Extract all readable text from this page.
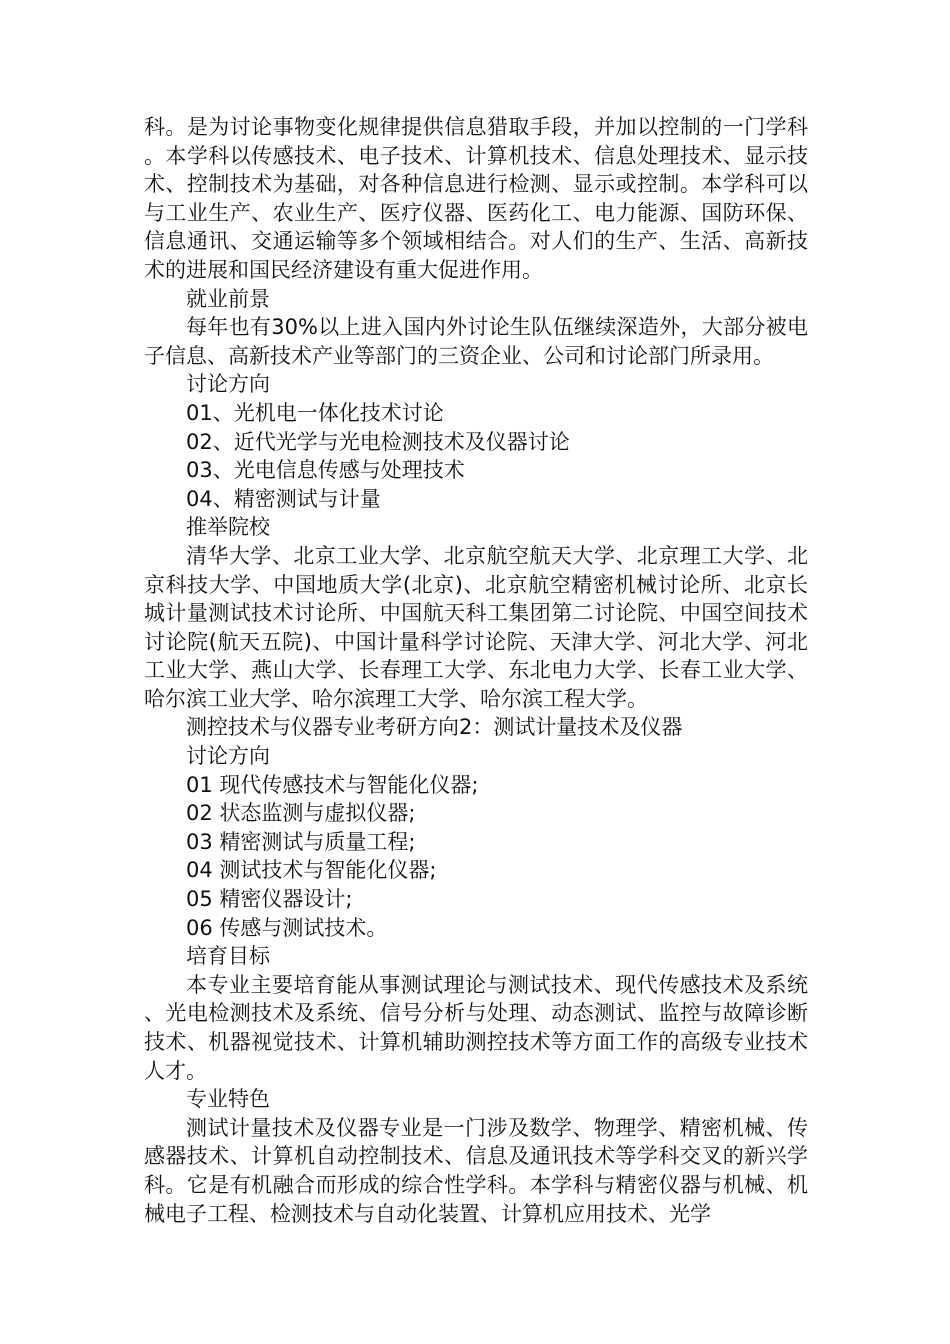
科。是为讨论事物变化规律提供信息猎取手段，并加以控制的一门学科。本学科以传感技术、电子技术、计算机技术、信息处理技术、显示技术、控制技术为基础，对各种信息进行检测、显示或控制。本学科可以与工业生产、农业生产、医疗仪器、医药化工、电力能源、国防环保、信息通讯、交通运输等多个领域相结合。对人们的生产、生活、高新技术的进展和国民经济建设有重大促进作用。

就业前景

每年也有30%以上进入国内外讨论生队伍继续深造外，大部分被电子信息、高新技术产业等部门的三资企业、公司和讨论部门所录用。

讨论方向

01、光机电一体化技术讨论

02、近代光学与光电检测技术及仪器讨论

03、光电信息传感与处理技术

04、精密测试与计量

推举院校

清华大学、北京工业大学、北京航空航天大学、北京理工大学、北京科技大学、中国地质大学(北京)、北京航空精密机械讨论所、北京长城计量测试技术讨论所、中国航天科工集团第二讨论院、中国空间技术讨论院(航天五院)、中国计量科学讨论院、天津大学、河北大学、河北工业大学、燕山大学、长春理工大学、东北电力大学、长春工业大学、哈尔滨工业大学、哈尔滨理工大学、哈尔滨工程大学。

测控技术与仪器专业考研方向2：测试计量技术及仪器

讨论方向

01 现代传感技术与智能化仪器;

02 状态监测与虚拟仪器;

03 精密测试与质量工程;

04 测试技术与智能化仪器;

05 精密仪器设计;

06 传感与测试技术。

培育目标

本专业主要培育能从事测试理论与测试技术、现代传感技术及系统、光电检测技术及系统、信号分析与处理、动态测试、监控与故障诊断技术、机器视觉技术、计算机辅助测控技术等方面工作的高级专业技术人才。

专业特色

测试计量技术及仪器专业是一门涉及数学、物理学、精密机械、传感器技术、计算机自动控制技术、信息及通讯技术等学科交叉的新兴学科。它是有机融合而形成的综合性学科。本学科与精密仪器与机械、机械电子工程、检测技术与自动化装置、计算机应用技术、光学
